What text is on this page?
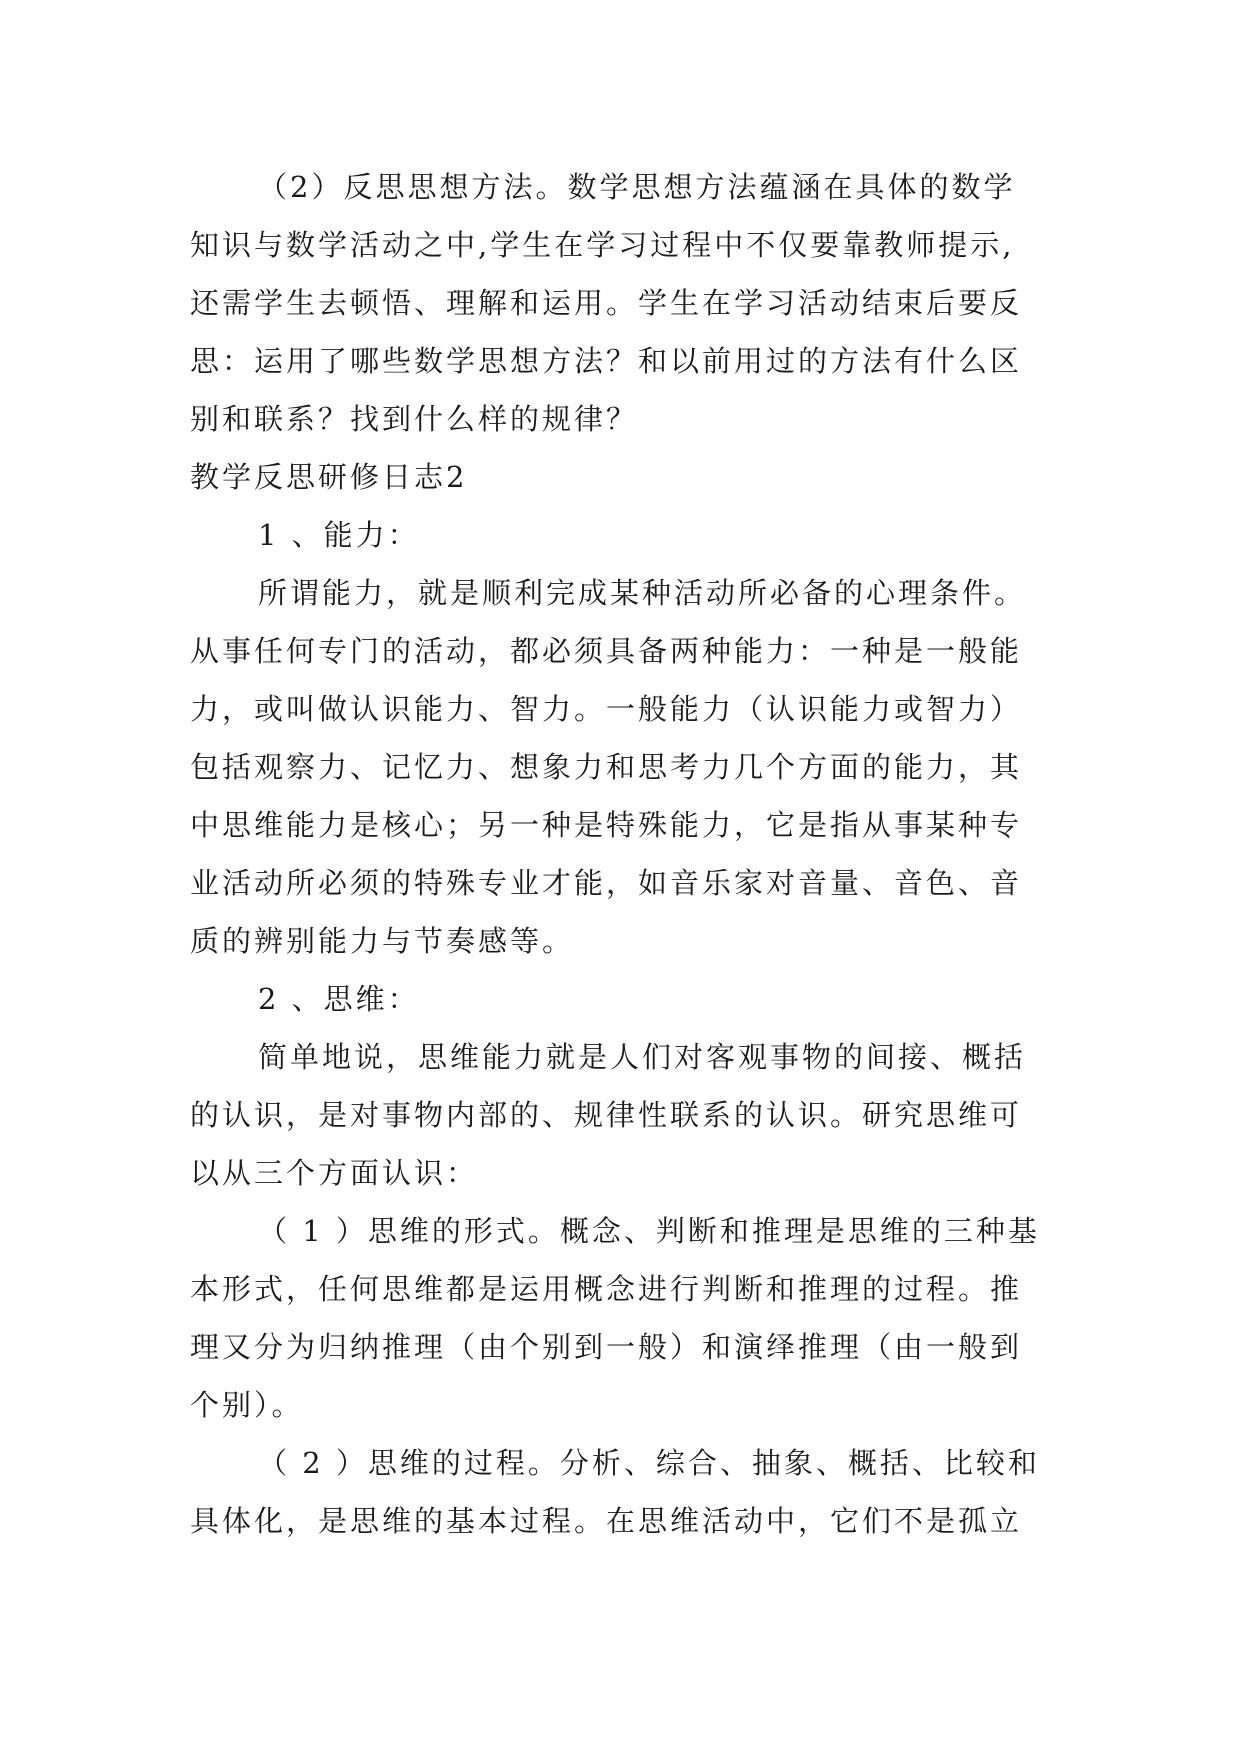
（2）反思思想方法。数学思想方法蕴涵在具体的数学

知识与数学活动之中,学生在学习过程中不仅要靠教师提示,

还需学生去顿悟、理解和运用。学生在学习活动结束后要反

思：运用了哪些数学思想方法？和以前用过的方法有什么区

别和联系？找到什么样的规律？

教学反思研修日志2

1 、能力：

所谓能力，就是顺利完成某种活动所必备的心理条件。

从事任何专门的活动，都必须具备两种能力：一种是一般能

力，或叫做认识能力、智力。一般能力（认识能力或智力）

包括观察力、记忆力、想象力和思考力几个方面的能力，其

中思维能力是核心；另一种是特殊能力，它是指从事某种专

业活动所必须的特殊专业才能，如音乐家对音量、音色、音

质的辨别能力与节奏感等。

2 、思维：

简单地说，思维能力就是人们对客观事物的间接、概括

的认识，是对事物内部的、规律性联系的认识。研究思维可

以从三个方面认识：

（ 1 ）思维的形式。概念、判断和推理是思维的三种基

本形式，任何思维都是运用概念进行判断和推理的过程。推

理又分为归纳推理（由个别到一般）和演绎推理（由一般到

个别）。

（ 2 ）思维的过程。分析、综合、抽象、概括、比较和

具体化，是思维的基本过程。在思维活动中，它们不是孤立
